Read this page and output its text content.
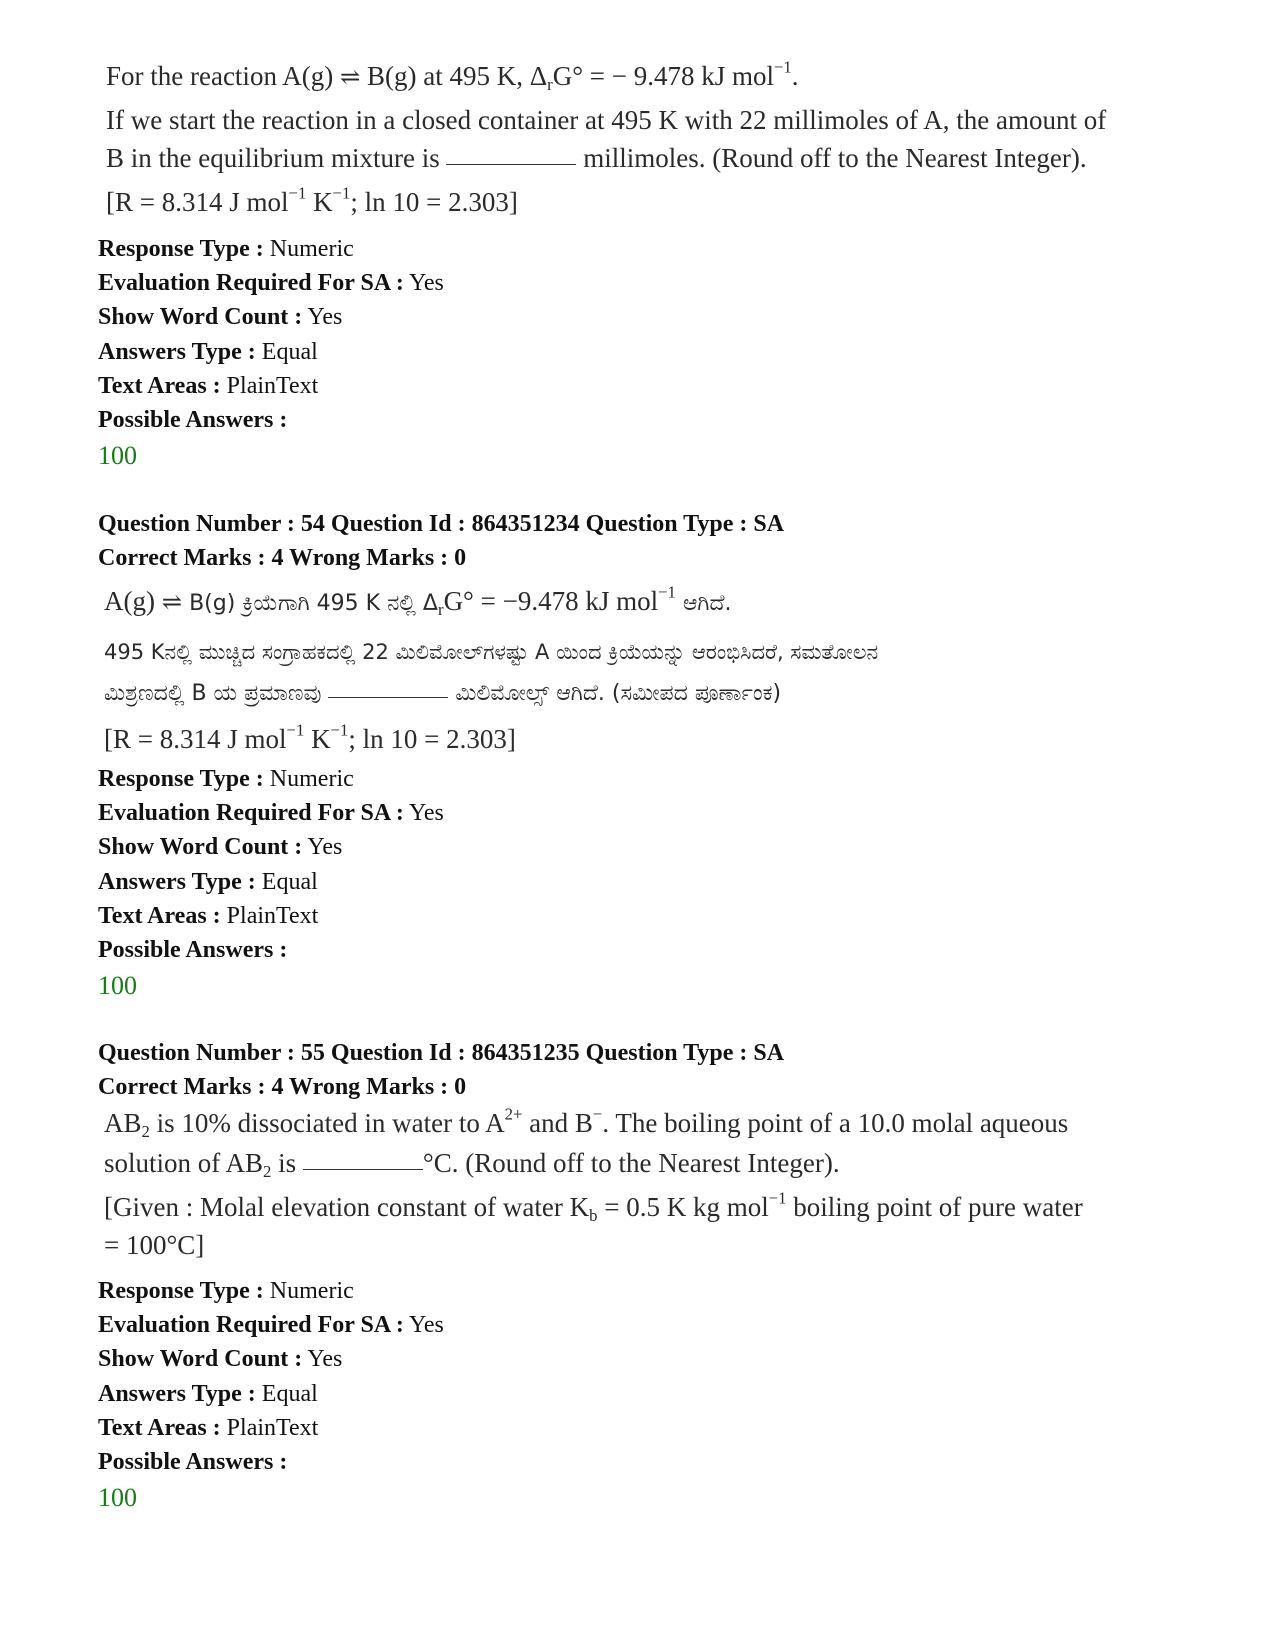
For the reaction A(g) ⇌ B(g) at 495 K, $\Delta_rG^\circ$ = − 9.478 kJ mol$^{-1}$.

If we start the reaction in a closed container at 495 K with 22 millimoles of A, the amount of

B in the equilibrium mixture is	millimoles. (Round off to the Nearest Integer).

[R = 8.314 J mol$^{-1}$ $K^{-1}$; ln 10 = 2.303]

Response Type : Numeric
Evaluation Required For SA : Yes
Show Word Count : Yes
Answers Type : Equal
Text Areas : PlainText
Possible Answers :
100
Question Number : 54 Question Id : 864351234 Question Type : SA
Correct Marks : 4 Wrong Marks : 0

A(g) ⇌ B(g) ಕ್ರಿಯೆಗಾಗಿ 495 K ನಲ್ಲಿ $\Delta_rG^\circ = -9.478$ kJ mol$^{-1}$ ಆಗಿದೆ.

495 Kನಲ್ಲಿ ಮುಚ್ಚಿದ ಸಂಗ್ರಾಹಕದಲ್ಲಿ 22 ಮಿಲಿಮೋಲ್‌ಗಳಷ್ಟು A ಯಿಂದ ಕ್ರಿಯೆಯನ್ನು ಆರಂಭಿಸಿದರೆ, ಸಮತೋಲನ

ಮಿಶ್ರಣದಲ್ಲಿ B ಯ ಪ್ರಮಾಣವು	ಮಿಲಿಮೋಲ್ಸ್ ಆಗಿದೆ. (ಸಮೀಪದ ಪೂರ್ಣಾಂಕ)

[R = 8.314 J mol$^{-1}$ $K^{-1}$; ln 10 = 2.303]

Response Type : Numeric
Evaluation Required For SA : Yes
Show Word Count : Yes
Answers Type : Equal
Text Areas : PlainText
Possible Answers :
100
Question Number : 55 Question Id : 864351235 Question Type : SA
Correct Marks : 4 Wrong Marks : 0

$AB_2$ is 10% dissociated in water to $A^{2+}$ and B−. The boiling point of a 10.0 molal aqueous

solution of $AB_2$ is	°C. (Round off to the Nearest Integer).

[Given : Molal elevation constant of water $K_b = 0.5$ K kg mol$^{-1}$ boiling point of pure water

= 100°C]

Response Type : Numeric
Evaluation Required For SA : Yes
Show Word Count : Yes
Answers Type : Equal
Text Areas : PlainText
Possible Answers :
100
